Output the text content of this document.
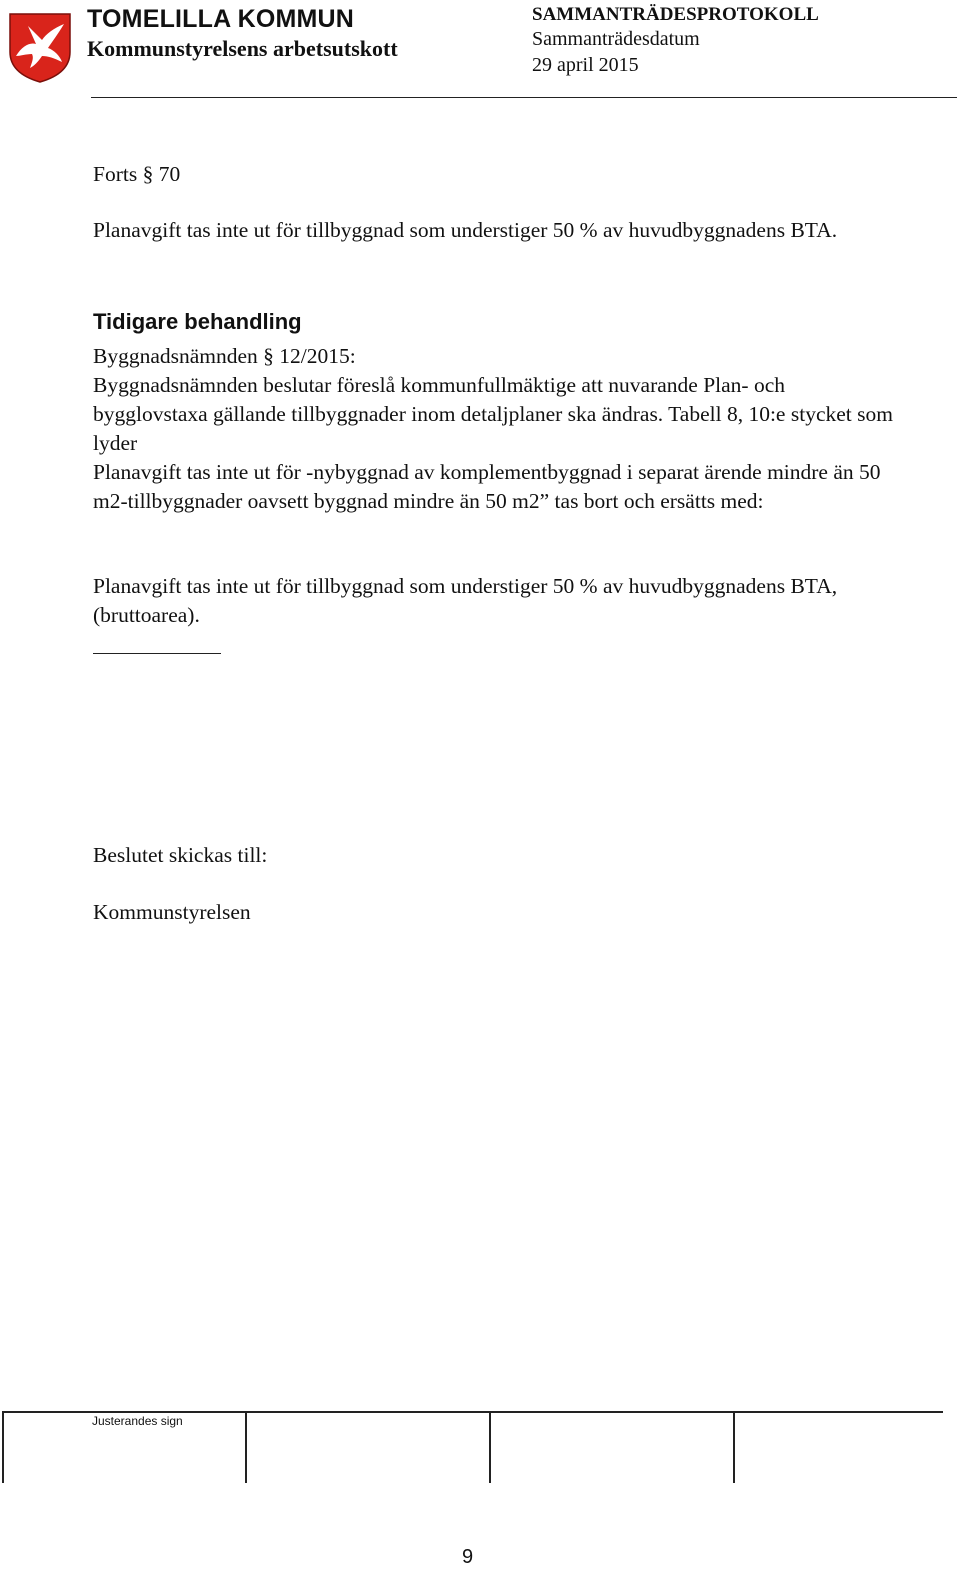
TOMELILLA KOMMUN
Kommunstyrelsens arbetsutskott
SAMMANTRÄDESPROTOKOLL
Sammanträdesdatum
29 april 2015
Forts § 70
Planavgift tas inte ut för tillbyggnad som understiger 50 % av huvudbyggnadens BTA.
Tidigare behandling
Byggnadsnämnden § 12/2015:
Byggnadsnämnden beslutar föreslå kommunfullmäktige att nuvarande Plan- och bygglovstaxa gällande tillbyggnader inom detaljplaner ska ändras. Tabell 8, 10:e stycket som lyder
Planavgift tas inte ut för -nybyggnad av komplementbyggnad i separat ärende mindre än 50 m2-tillbyggnader oavsett byggnad mindre än 50 m2” tas bort och ersätts med:
Planavgift tas inte ut för tillbyggnad som understiger 50 % av huvudbyggnadens BTA, (bruttoarea).
Beslutet skickas till:
Kommunstyrelsen
Justerandes sign
9
